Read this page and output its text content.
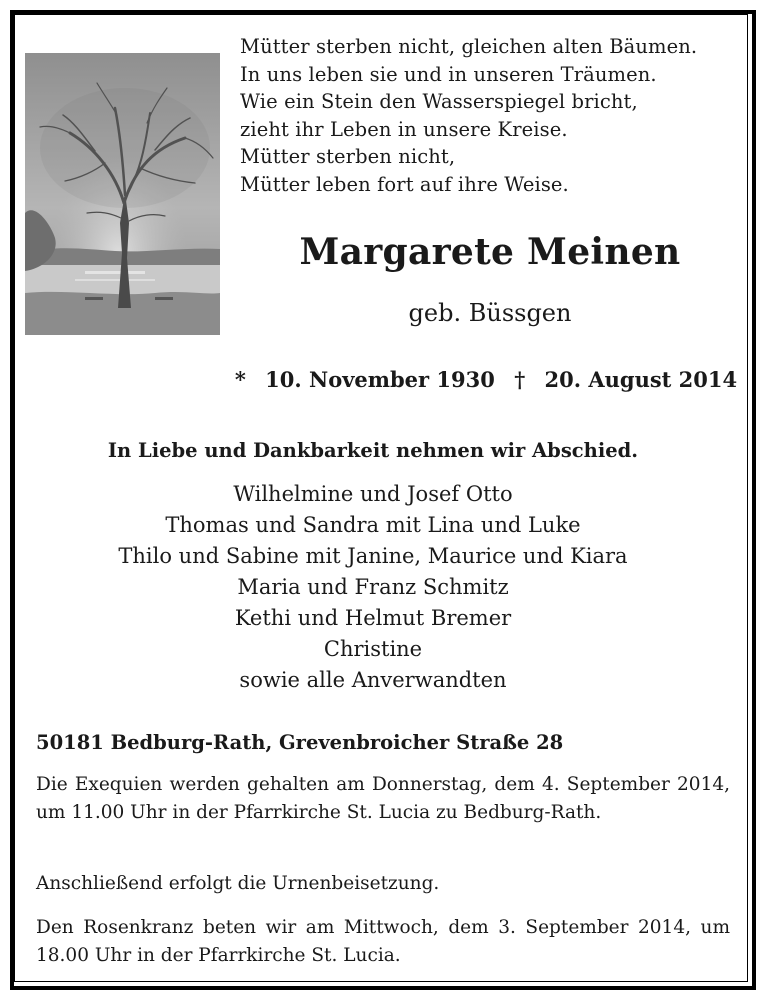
Mütter sterben nicht, gleichen alten Bäumen.
In uns leben sie und in unseren Träumen.
Wie ein Stein den Wasserspiegel bricht,
zieht ihr Leben in unsere Kreise.
Mütter sterben nicht,
Mütter leben fort auf ihre Weise.
Margarete Meinen
geb. Büssgen
* 10. November 1930 † 20. August 2014
In Liebe und Dankbarkeit nehmen wir Abschied.
Wilhelmine und Josef Otto
Thomas und Sandra mit Lina und Luke
Thilo und Sabine mit Janine, Maurice und Kiara
Maria und Franz Schmitz
Kethi und Helmut Bremer
Christine
sowie alle Anverwandten
50181 Bedburg-Rath, Grevenbroicher Straße 28
Die Exequien werden gehalten am Donnerstag, dem 4. September 2014, um 11.00 Uhr in der Pfarrkirche St. Lucia zu Bedburg-Rath.
Anschließend erfolgt die Urnenbeisetzung.
Den Rosenkranz beten wir am Mittwoch, dem 3. September 2014, um 18.00 Uhr in der Pfarrkirche St. Lucia.
